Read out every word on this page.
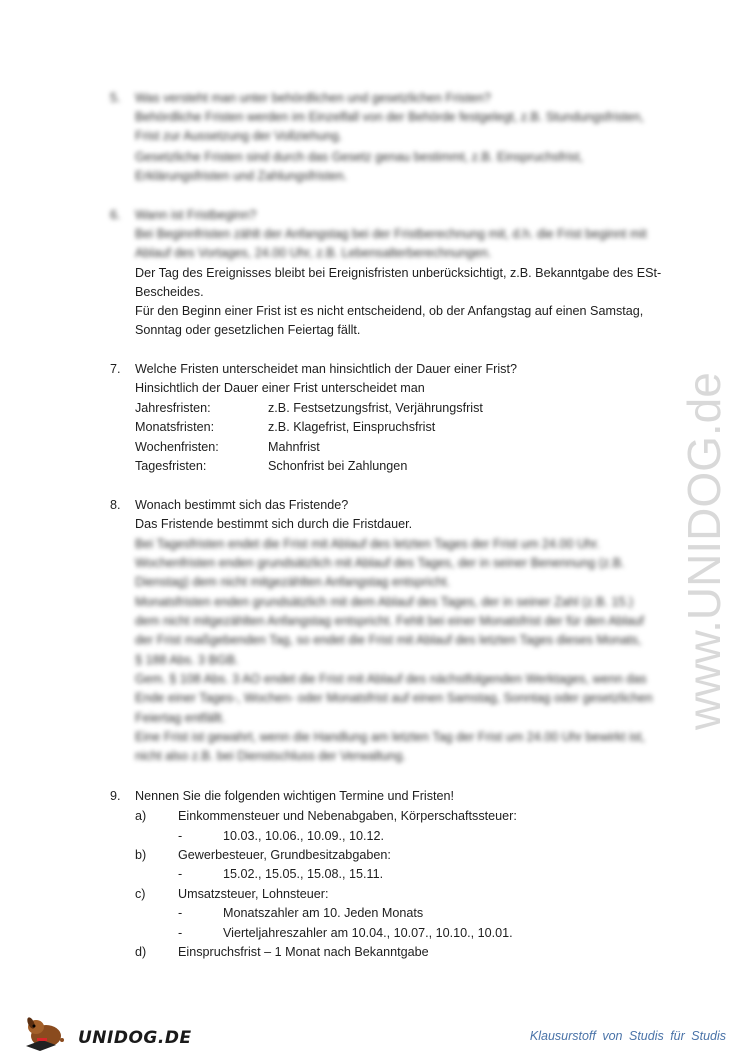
5. Was versteht man unter behördlichen und gesetzlichen Fristen?
Behördliche Fristen werden im Einzelfall von der Behörde festgelegt, z.B. Stundungsfristen,
Frist zur Aussetzung der Vollziehung.
Gesetzliche Fristen sind durch das Gesetz genau bestimmt, z.B. Einspruchsfrist,
Erklärungsfristen und Zahlungsfristen.
6. Wann ist Fristbeginn?
Bei Beginnfristen zählt der Anfangstag bei der Fristberechnung mit, d.h. die Frist beginnt mit
Ablauf des Vortages, 24.00 Uhr, z.B. Lebensalterberechnungen.
Der Tag des Ereignisses bleibt bei Ereignisfristen unberücksichtigt, z.B. Bekanntgabe des ESt-
Bescheides.
Für den Beginn einer Frist ist es nicht entscheidend, ob der Anfangstag auf einen Samstag,
Sonntag oder gesetzlichen Feiertag fällt.
7. Welche Fristen unterscheidet man hinsichtlich der Dauer einer Frist?
Hinsichtlich der Dauer einer Frist unterscheidet man
Jahresfristen:	z.B. Festsetzungsfrist, Verjährungsfrist
Monatsfristen:	z.B. Klagefrist, Einspruchsfrist
Wochenfristen:	Mahnfrist
Tagesfristen:	Schonfrist bei Zahlungen
8. Wonach bestimmt sich das Fristende?
Das Fristende bestimmt sich durch die Fristdauer.
Bei Tagesfristen endet die Frist mit Ablauf des letzten Tages der Frist um 24.00 Uhr.
Wochenfristen enden grundsätzlich mit Ablauf des Tages, der in seiner Benennung (z.B.
Dienstag) dem nicht mitgezählten Anfangstag entspricht.
Monatsfristen enden grundsätzlich mit dem Ablauf des Tages, der in seiner Zahl (z.B. 15.)
dem nicht mitgezählten Anfangstag entspricht. Fehlt bei einer Monatsfrist der für den Ablauf
der Frist maßgebenden Tag, so endet die Frist mit Ablauf des letzten Tages dieses Monats,
§ 188 Abs. 3 BGB.
Gem. § 108 Abs. 3 AO endet die Frist mit Ablauf des nächstfolgenden Werktages, wenn das
Ende einer Tages-, Wochen- oder Monatsfrist auf einen Samstag, Sonntag oder gesetzlichen
Feiertag entfällt.
Eine Frist ist gewahrt, wenn die Handlung am letzten Tag der Frist um 24.00 Uhr bewirkt ist,
nicht also z.B. bei Dienstschluss der Verwaltung.
9. Nennen Sie die folgenden wichtigen Termine und Fristen!
a)	Einkommensteuer und Nebenabgaben, Körperschaftssteuer:
-	10.03., 10.06., 10.09., 10.12.
b)	Gewerbesteuer, Grundbesitzabgaben:
-	15.02., 15.05., 15.08., 15.11.
c)	Umsatzsteuer, Lohnsteuer:
-	Monatszahler am 10. Jeden Monats
-	Vierteljahreszahler am 10.04., 10.07., 10.10., 10.01.
d)	Einspruchsfrist – 1 Monat nach Bekanntgabe
www.UNIDOG.de
UNIDOG.DE	Klausurstoff von Studis für Studis
